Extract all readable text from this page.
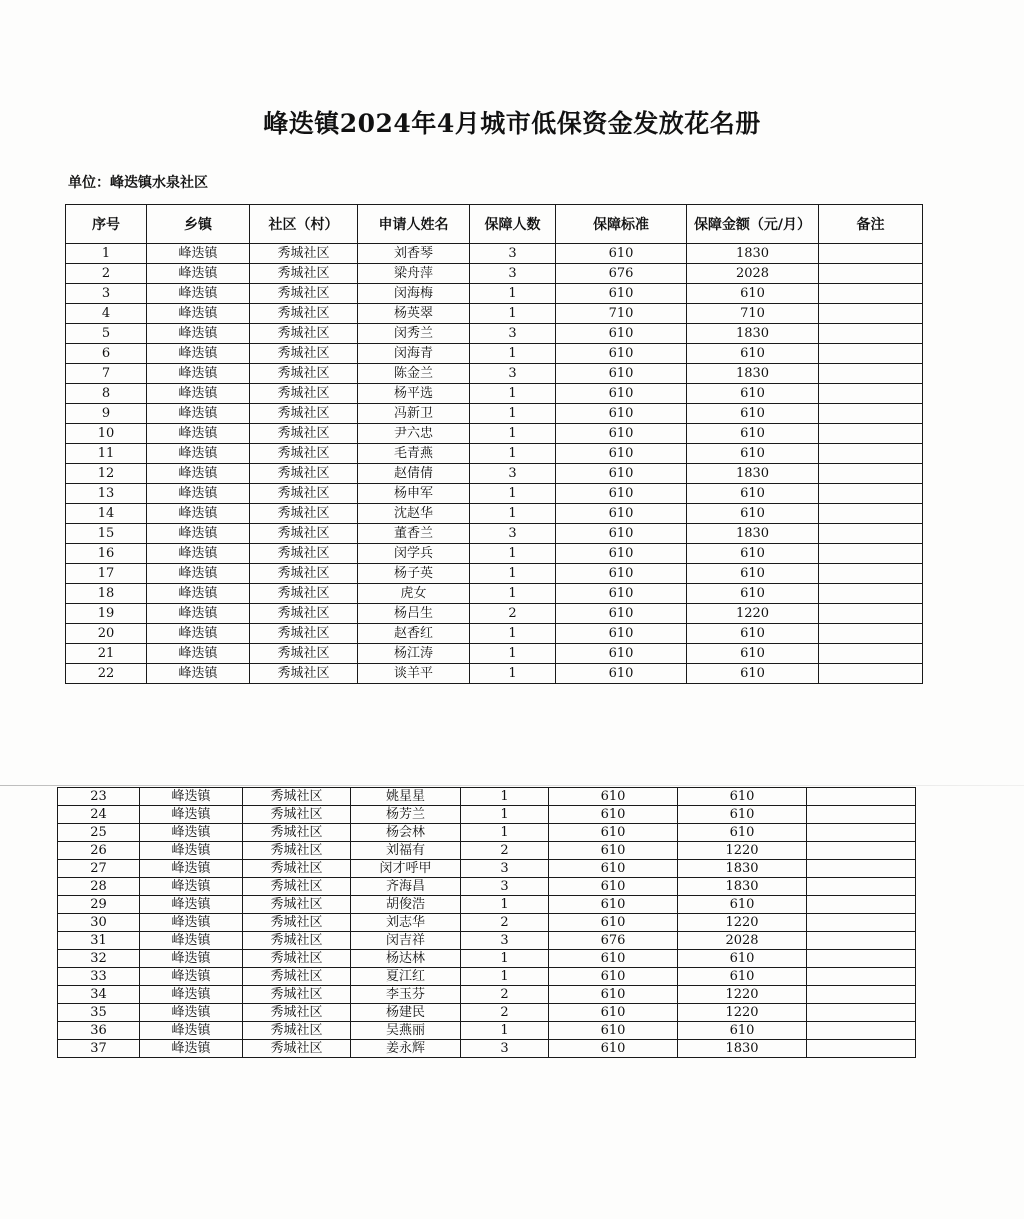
峰迭镇2024年4月城市低保资金发放花名册
单位：峰迭镇水泉社区
序号	乡镇	社区（村）	申请人姓名	保障人数	保障标准	保障金额（元/月）	备注
1	峰迭镇	秀城社区	刘香琴	3	610	1830	
2	峰迭镇	秀城社区	梁舟萍	3	676	2028	
3	峰迭镇	秀城社区	闵海梅	1	610	610	
4	峰迭镇	秀城社区	杨英翠	1	710	710	
5	峰迭镇	秀城社区	闵秀兰	3	610	1830	
6	峰迭镇	秀城社区	闵海青	1	610	610	
7	峰迭镇	秀城社区	陈金兰	3	610	1830	
8	峰迭镇	秀城社区	杨平选	1	610	610	
9	峰迭镇	秀城社区	冯新卫	1	610	610	
10	峰迭镇	秀城社区	尹六忠	1	610	610	
11	峰迭镇	秀城社区	毛青燕	1	610	610	
12	峰迭镇	秀城社区	赵倩倩	3	610	1830	
13	峰迭镇	秀城社区	杨申军	1	610	610	
14	峰迭镇	秀城社区	沈赵华	1	610	610	
15	峰迭镇	秀城社区	董香兰	3	610	1830	
16	峰迭镇	秀城社区	闵学兵	1	610	610	
17	峰迭镇	秀城社区	杨子英	1	610	610	
18	峰迭镇	秀城社区	虎女	1	610	610	
19	峰迭镇	秀城社区	杨吕生	2	610	1220	
20	峰迭镇	秀城社区	赵香红	1	610	610	
21	峰迭镇	秀城社区	杨江涛	1	610	610	
22	峰迭镇	秀城社区	谈羊平	1	610	610	
23	峰迭镇	秀城社区	姚星星	1	610	610	
24	峰迭镇	秀城社区	杨芳兰	1	610	610	
25	峰迭镇	秀城社区	杨会林	1	610	610	
26	峰迭镇	秀城社区	刘福有	2	610	1220	
27	峰迭镇	秀城社区	闵才呼甲	3	610	1830	
28	峰迭镇	秀城社区	齐海昌	3	610	1830	
29	峰迭镇	秀城社区	胡俊浩	1	610	610	
30	峰迭镇	秀城社区	刘志华	2	610	1220	
31	峰迭镇	秀城社区	闵吉祥	3	676	2028	
32	峰迭镇	秀城社区	杨达林	1	610	610	
33	峰迭镇	秀城社区	夏江红	1	610	610	
34	峰迭镇	秀城社区	李玉芬	2	610	1220	
35	峰迭镇	秀城社区	杨建民	2	610	1220	
36	峰迭镇	秀城社区	吴燕丽	1	610	610	
37	峰迭镇	秀城社区	姜永辉	3	610	1830	
